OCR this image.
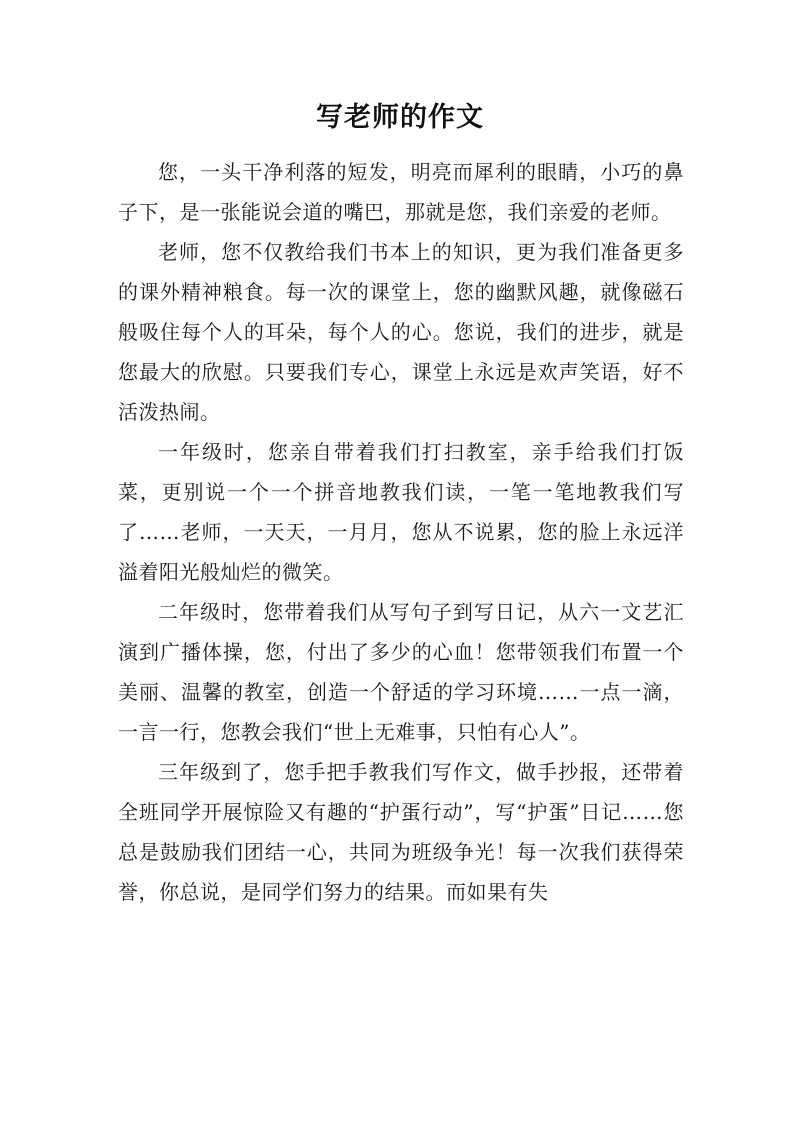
写老师的作文

您，一头干净利落的短发，明亮而犀利的眼睛，小巧的鼻子下，是一张能说会道的嘴巴，那就是您，我们亲爱的老师。

老师，您不仅教给我们书本上的知识，更为我们准备更多的课外精神粮食。每一次的课堂上，您的幽默风趣，就像磁石般吸住每个人的耳朵，每个人的心。您说，我们的进步，就是您最大的欣慰。只要我们专心，课堂上永远是欢声笑语，好不活泼热闹。

一年级时，您亲自带着我们打扫教室，亲手给我们打饭菜，更别说一个一个拼音地教我们读，一笔一笔地教我们写了……老师，一天天，一月月，您从不说累，您的脸上永远洋溢着阳光般灿烂的微笑。

二年级时，您带着我们从写句子到写日记，从六一文艺汇演到广播体操，您，付出了多少的心血！您带领我们布置一个美丽、温馨的教室，创造一个舒适的学习环境……一点一滴，一言一行，您教会我们“世上无难事，只怕有心人”。

三年级到了，您手把手教我们写作文，做手抄报，还带着全班同学开展惊险又有趣的“护蛋行动”，写“护蛋”日记……您总是鼓励我们团结一心，共同为班级争光！每一次我们获得荣誉，你总说，是同学们努力的结果。而如果有失
